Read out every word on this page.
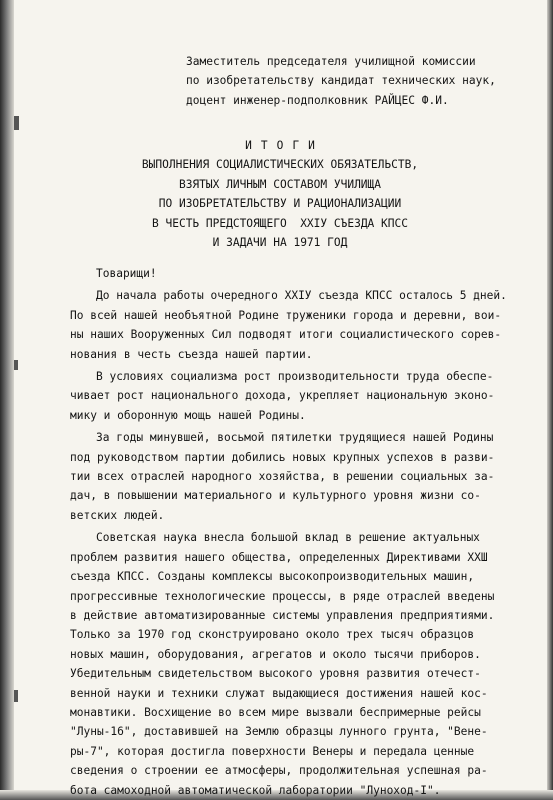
Заместитель председателя училищной комиссии
по изобретательству кандидат технических наук,
доцент инженер-подполковник РАЙЦЕС Ф.И.
ИТОГИ
ВЫПОЛНЕНИЯ СОЦИАЛИСТИЧЕСКИХ ОБЯЗАТЕЛЬСТВ,
ВЗЯТЫХ ЛИЧНЫМ СОСТАВОМ УЧИЛИЩА
ПО ИЗОБРЕТАТЕЛЬСТВУ И РАЦИОНАЛИЗАЦИИ
В ЧЕСТЬ ПРЕДСТОЯЩЕГО  XXIУ СЪЕЗДА КПСС
И ЗАДАЧИ НА 1971 ГОД
Товарищи!
До начала работы очередного XXIУ съезда КПСС осталось 5 дней.
По всей нашей необъятной Родине труженики города и деревни, вои-
ны наших Вооруженных Сил подводят итоги социалистического сорев-
нования в честь съезда нашей партии.
В условиях социализма рост производительности труда обеспе-
чивает рост национального дохода, укрепляет национальную эконо-
мику и оборонную мощь нашей Родины.
За годы минувшей, восьмой пятилетки трудящиеся нашей Родины
под руководством партии добились новых крупных успехов в разви-
тии всех отраслей народного хозяйства, в решении социальных за-
дач, в повышении материального и культурного уровня жизни со-
ветских людей.
Советская наука внесла большой вклад в решение актуальных
проблем развития нашего общества, определенных Директивами XXШ
съезда КПСС. Созданы комплексы высокопроизводительных машин,
прогрессивные технологические процессы, в ряде отраслей введены
в действие автоматизированные системы управления предприятиями.
Только за 1970 год сконструировано около трех тысяч образцов
новых машин, оборудования, агрегатов и около тысячи приборов.
Убедительным свидетельством высокого уровня развития отечест-
венной науки и техники служат выдающиеся достижения нашей кос-
монавтики. Восхищение во всем мире вызвали беспримерные рейсы
"Луны-16", доставившей на Землю образцы лунного грунта, "Вене-
ры-7", которая достигла поверхности Венеры и передала ценные
сведения о строении ее атмосферы, продолжительная успешная ра-
бота самоходной автоматической лаборатории "Луноход-I".
